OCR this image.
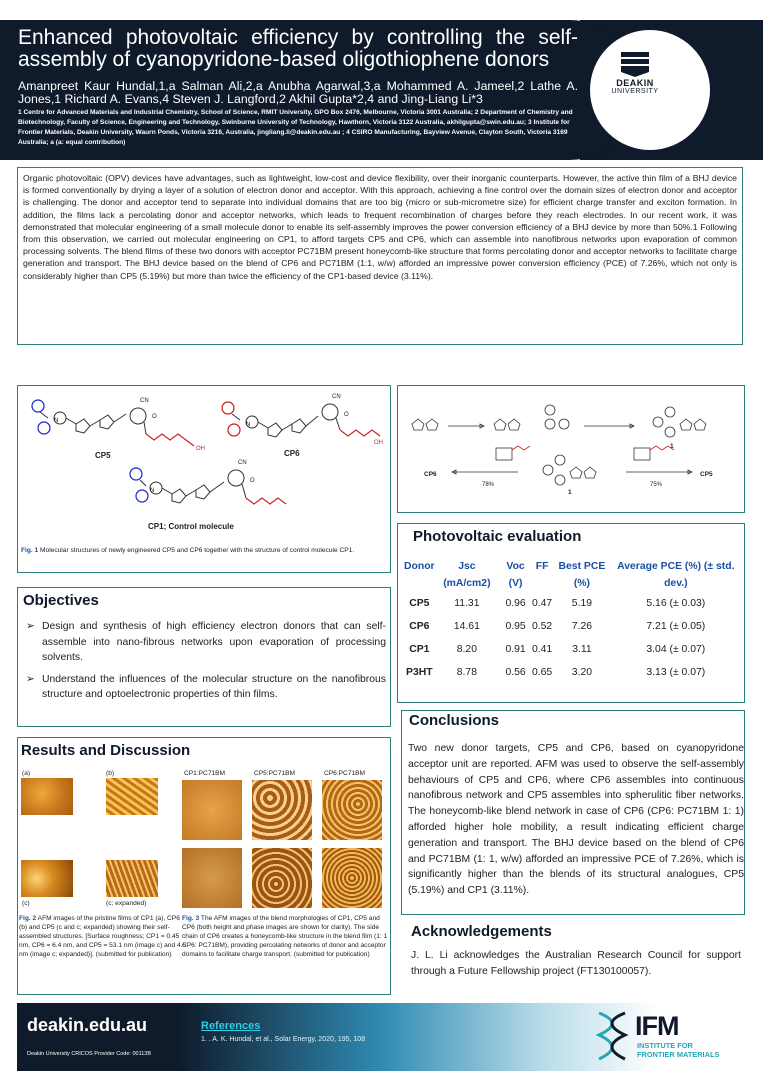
Enhanced photovoltaic efficiency by controlling the self-assembly of cyanopyridone-based oligothiophene donors
Amanpreet Kaur Hundal,1,a Salman Ali,2,a Anubha Agarwal,3,a Mohammed A. Jameel,2 Lathe A. Jones,1 Richard A. Evans,4 Steven J. Langford,2 Akhil Gupta*2,4 and Jing-Liang Li*3
1 Centre for Advanced Materials and Industrial Chemistry, School of Science, RMIT University, GPO Box 2476, Melbourne, Victoria 3001 Australia; 2 Department of Chemistry and Biotechnology, Faculty of Science, Engineering and Technology, Swinburne University of Technology, Hawthorn, Victoria 3122 Australia, akhilgupta@swin.edu.au; 3 Institute for Frontier Materials, Deakin University, Waurn Ponds, Victoria 3216, Australia, jingliang.li@deakin.edu.au ; 4 CSIRO Manufacturing, Bayview Avenue, Clayton South, Victoria 3169 Australia; a (a: equal contribution)
DEAKIN
UNIVERSITY

Organic photovoltaic (OPV) devices have advantages, such as lightweight, low-cost and device flexibility, over their inorganic counterparts. However, the active thin film of a BHJ device is formed conventionally by drying a layer of a solution of electron donor and acceptor. With this approach, achieving a fine control over the domain sizes of electron donor and acceptor is challenging. The donor and acceptor tend to separate into individual domains that are too big (micro or sub-micrometre size) for efficient charge transfer and exciton formation. In addition, the films lack a percolating donor and acceptor networks, which leads to frequent recombination of charges before they reach electrodes. In our recent work, it was demonstrated that molecular engineering of a small molecule donor to enable its self-assembly improves the power conversion efficiency of a BHJ device by more than 50%.1 Following from this observation, we carried out molecular engineering on CP1, to afford targets CP5 and CP6, which can assemble into nanofibrous networks upon evaporation of common processing solvents. The blend films of these two donors with acceptor PC71BM present honeycomb-like structure that forms percolating donor and acceptor networks to facilitate charge generation and transport. The BHJ device based on the blend of CP6 and PC71BM (1:1, w/w) afforded an impressive power conversion efficiency (PCE) of 7.26%, which not only is considerably higher than CP5 (5.19%) but more than twice the efficiency of the CP1-based device (3.11%).

CP5	CP6
CP1; Control molecule
N
CN
O
OH
N
CN
O
OH
N
CN
O
Fig. 1 Molecular structures of newly engineered CP5 and CP6 together with the structure of control molecule CP1.
CP6	CP5
1
1
78%	75%
Objectives
➢ Design and synthesis of high efficiency electron donors that can self-assemble into nano-fibrous networks upon evaporation of processing solvents.
➢ Understand the influences of the molecular structure on the nanofibrous structure and optoelectronic properties of thin films.
Results and Discussion
(a)	(b)
(c)	(c; expanded)
CP1:PC71BM	CP5:PC71BM	CP6:PC71BM
Fig. 2 AFM images of the pristine films of CP1 (a), CP6 (b) and CP5 (c and c; expanded) showing their self-assembled structures. [Surface roughness; CP1 = 0.45 nm, CP6 = 6.4 nm, and CP5 = 53.1 nm (image c) and 4.5 nm (image c; expanded)]. (submitted for publication)
Fig. 3 The AFM images of the blend morphologies of CP1, CP5 and CP6 (both height and phase images are shown for clarity). The side chain of CP6 creates a honeycomb-like structure in the blend film (1: 1 CP6: PC71BM), providing percolating networks of donor and acceptor domains to facilitate charge transport. (submitted for publication)
Photovoltaic evaluation
Donor	Jsc (mA/cm2)	Voc (V)	FF	Best PCE (%)	Average PCE (%) (± std. dev.)
CP5	11.31	0.96	0.47	5.19	5.16 (± 0.03)
CP6	14.61	0.95	0.52	7.26	7.21 (± 0.05)
CP1	8.20	0.91	0.41	3.11	3.04 (± 0.07)
P3HT	8.78	0.56	0.65	3.20	3.13 (± 0.07)
Conclusions

Two new donor targets, CP5 and CP6, based on cyanopyridone acceptor unit are reported. AFM was used to observe the self-assembly behaviours of CP5 and CP6, where CP6 assembles into continuous nanofibrous network and CP5 assembles into spherulitic fiber networks. The honeycomb-like blend network in case of CP6 (CP6: PC71BM 1: 1) afforded higher hole mobility, a result indicating efficient charge generation and transport. The BHJ device based on the blend of CP6 and PC71BM (1: 1, w/w) afforded an impressive PCE of 7.26%, which is significantly higher than the blends of its structural analogues, CP5 (5.19%) and CP1 (3.11%).

Acknowledgements

J. L. Li acknowledges the Australian Research Council for support through a Future Fellowship project (FT130100057).

deakin.edu.au
Deakin University CRICOS Provider Code: 00113B
References
1. . A. K. Hundal, et al., Solar Energy, 2020, 195, 108	IFM
INSTITUTE FOR
FRONTIER MATERIALS
